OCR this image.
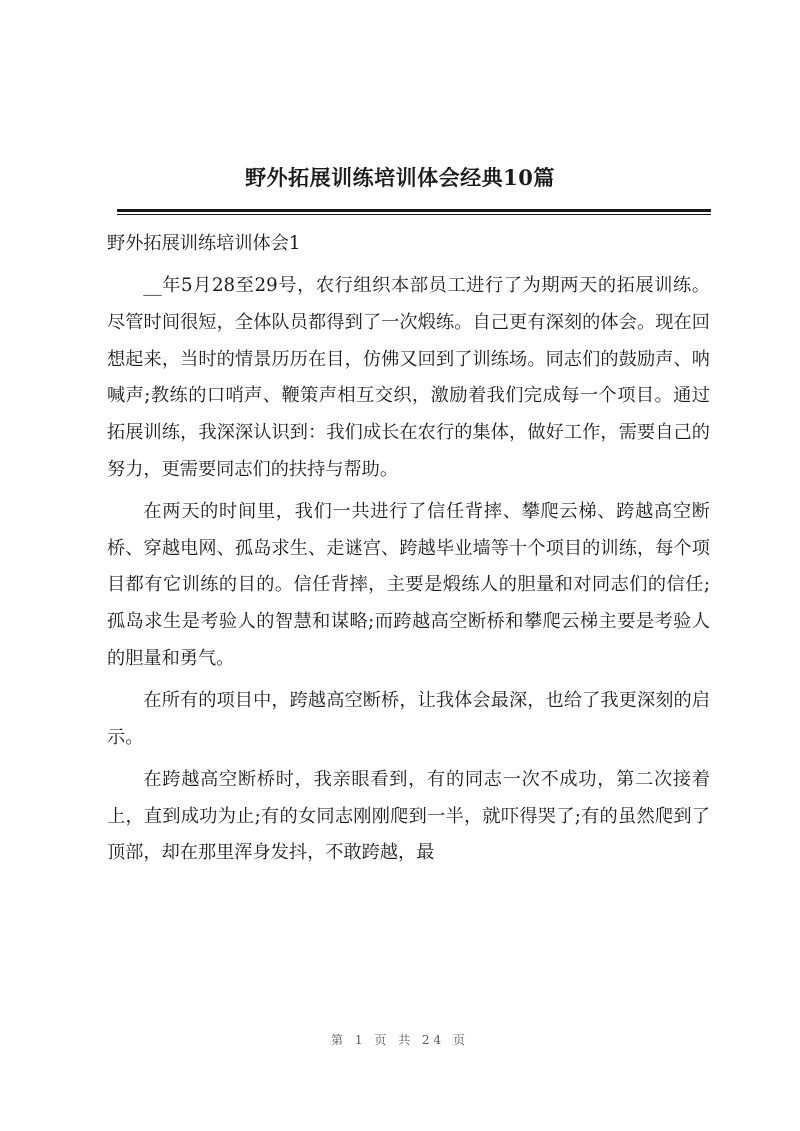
野外拓展训练培训体会经典10篇

野外拓展训练培训体会1

__年5月28至29号，农行组织本部员工进行了为期两天的拓展训练。尽管时间很短，全体队员都得到了一次煅练。自己更有深刻的体会。现在回想起来，当时的情景历历在目，仿佛又回到了训练场。同志们的鼓励声、呐喊声;教练的口哨声、鞭策声相互交织，激励着我们完成每一个项目。通过拓展训练，我深深认识到：我们成长在农行的集体，做好工作，需要自己的努力，更需要同志们的扶持与帮助。

在两天的时间里，我们一共进行了信任背摔、攀爬云梯、跨越高空断桥、穿越电网、孤岛求生、走谜宫、跨越毕业墙等十个项目的训练，每个项目都有它训练的目的。信任背摔，主要是煅练人的胆量和对同志们的信任;孤岛求生是考验人的智慧和谋略;而跨越高空断桥和攀爬云梯主要是考验人的胆量和勇气。

在所有的项目中，跨越高空断桥，让我体会最深，也给了我更深刻的启示。

在跨越高空断桥时，我亲眼看到，有的同志一次不成功，第二次接着上，直到成功为止;有的女同志刚刚爬到一半，就吓得哭了;有的虽然爬到了顶部，却在那里浑身发抖，不敢跨越，最

第 1 页 共 24 页
